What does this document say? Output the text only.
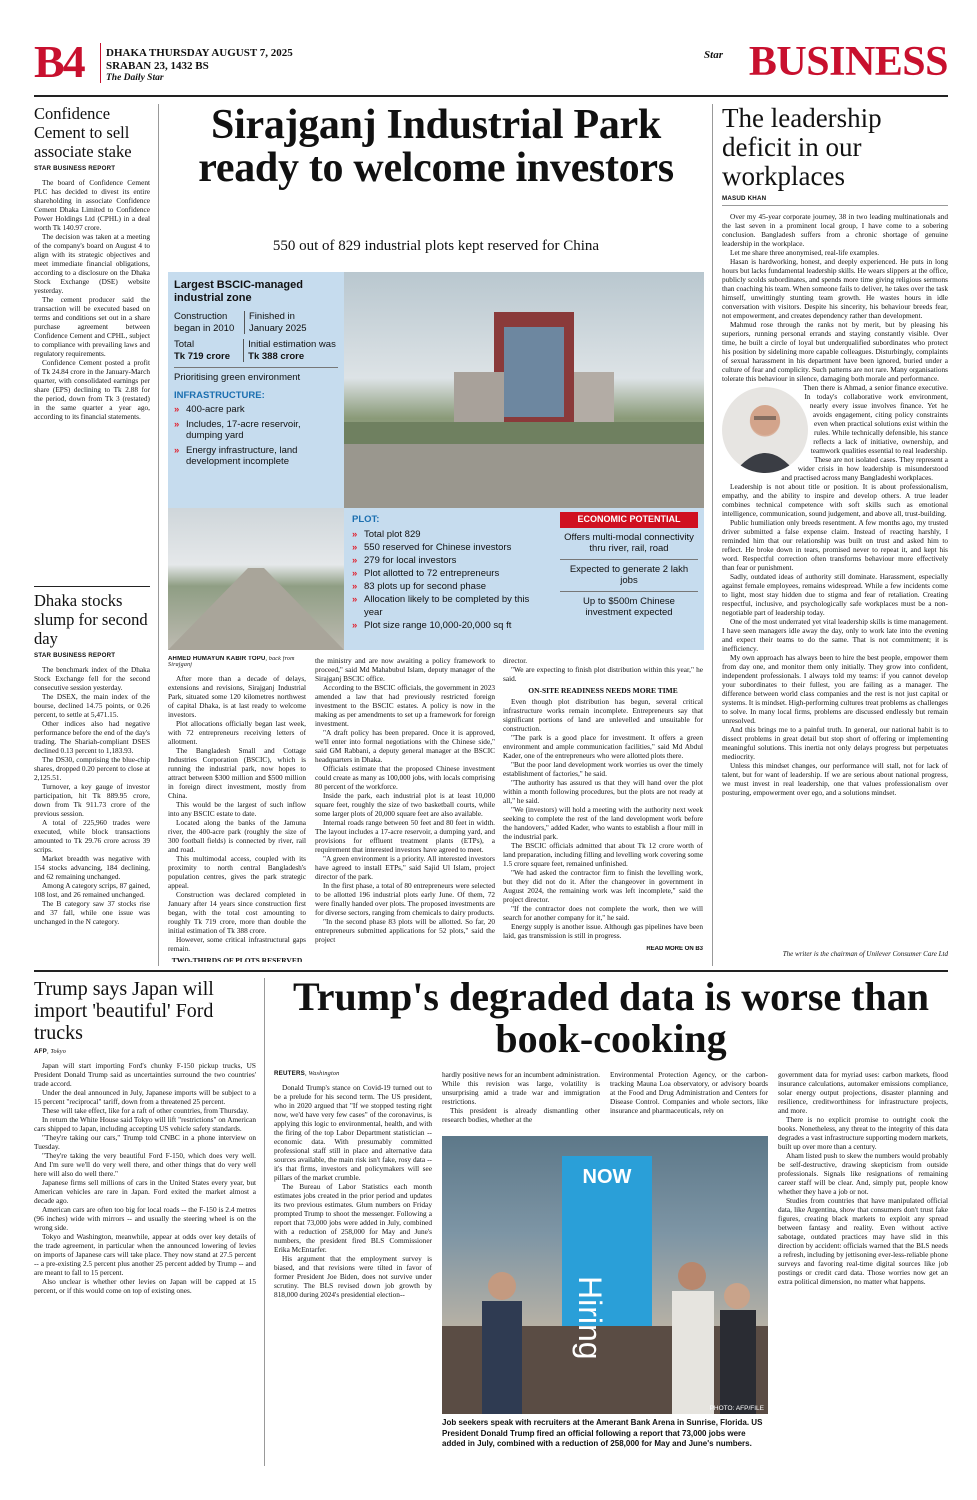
B4 DHAKA THURSDAY AUGUST 7, 2025
SRABAN 23, 1432 BS
The Daily Star
Star BUSINESS
Confidence Cement to sell associate stake
STAR BUSINESS REPORT

The board of Confidence Cement PLC has decided to divest its entire shareholding in associate Confidence Cement Dhaka Limited to Confidence Power Holdings Ltd (CPHL) in a deal worth Tk 140.97 crore.

The decision was taken at a meeting of the company's board on August 4 to align with its strategic objectives and meet immediate financial obligations, according to a disclosure on the Dhaka Stock Exchange (DSE) website yesterday.

The cement producer said the transaction will be executed based on terms and conditions set out in a share purchase agreement between Confidence Cement and CPHL, subject to compliance with prevailing laws and regulatory requirements.

Confidence Cement posted a profit of Tk 24.84 crore in the January-March quarter, with consolidated earnings per share (EPS) declining to Tk 2.88 for the period, down from Tk 3 (restated) in the same quarter a year ago, according to its financial statements.

Dhaka stocks slump for second day
STAR BUSINESS REPORT

The benchmark index of the Dhaka Stock Exchange fell for the second consecutive session yesterday.

The DSEX, the main index of the bourse, declined 14.75 points, or 0.26 percent, to settle at 5,471.15.

Other indices also had negative performance before the end of the day's trading. The Shariah-compliant DSES declined 0.13 percent to 1,183.93.

The DS30, comprising the blue-chip shares, dropped 0.20 percent to close at 2,125.51.

Turnover, a key gauge of investor participation, hit Tk 889.95 crore, down from Tk 911.73 crore of the previous session.

A total of 225,960 trades were executed, while block transactions amounted to Tk 29.76 crore across 39 scrips.

Market breadth was negative with 154 stocks advancing, 184 declining, and 62 remaining unchanged.

Among A category scrips, 87 gained, 108 lost, and 26 remained unchanged.

The B category saw 37 stocks rise and 37 fall, while one issue was unchanged in the N category.

Sirajganj Industrial Park ready to welcome investors
550 out of 829 industrial plots kept reserved for China
Largest BSCIC-managed industrial zone
Construction began in 2010
Finished in January 2025
Total
Tk 719 crore
Initial estimation was
Tk 388 crore
Prioritising green environment
INFRASTRUCTURE:
» 400-acre park
» Includes, 17-acre reservoir, dumping yard
» Energy infrastructure, land development incomplete
PLOT:
» Total plot 829
» 550 reserved for Chinese investors
» 279 for local investors
» Plot allotted to 72 entrepreneurs
» 83 plots up for second phase
» Allocation likely to be completed by this year
» Plot size range 10,000-20,000 sq ft
ECONOMIC POTENTIAL
Offers multi-modal connectivity thru river, rail, road
Expected to generate 2 lakh jobs
Up to $500m Chinese investment expected
AHMED HUMAYUN KABIR TOPU, back from Sirajganj

After more than a decade of delays, extensions and revisions, Sirajganj Industrial Park, situated some 120 kilometres northwest of capital Dhaka, is at last ready to welcome investors.

Plot allocations officially began last week, with 72 entrepreneurs receiving letters of allotment.

The Bangladesh Small and Cottage Industries Corporation (BSCIC), which is running the industrial park, now hopes to attract between $300 million and $500 million in foreign direct investment, mostly from China.

This would be the largest of such inflow into any BSCIC estate to date.

Located along the banks of the Jamuna river, the 400-acre park (roughly the size of 300 football fields) is connected by river, rail and road.

This multimodal access, coupled with its proximity to north central Bangladesh's population centres, gives the park strategic appeal.

Construction was declared completed in January after 14 years since construction first began, with the total cost amounting to roughly Tk 719 crore, more than double the initial estimation of Tk 388 crore.

However, some critical infrastructural gaps remain.

TWO-THIRDS OF PLOTS RESERVED

the ministry and are now awaiting a policy framework to proceed," said Md Mahabubul Islam, deputy manager of the Sirajganj BSCIC office.

According to the BSCIC officials, the government in 2023 amended a law that had previously restricted foreign investment to the BSCIC estates. A policy is now in the making as per amendments to set up a framework for foreign investment.

"A draft policy has been prepared. Once it is approved, we'll enter into formal negotiations with the Chinese side," said GM Rabbani, a deputy general manager at the BSCIC headquarters in Dhaka.

Officials estimate that the proposed Chinese investment could create as many as 100,000 jobs, with locals comprising 80 percent of the workforce.

Inside the park, each industrial plot is at least 10,000 square feet, roughly the size of two basketball courts, while some larger plots of 20,000 square feet are also available.

Internal roads range between 50 feet and 80 feet in width. The layout includes a 17-acre reservoir, a dumping yard, and provisions for effluent treatment plants (ETPs), a requirement that interested investors have agreed to meet.

"A green environment is a priority. All interested investors have agreed to install ETPs," said Sajid Ul Islam, project director of the park.

In the first phase, a total of 80 entrepreneurs were selected to be allotted 196 industrial plots early June. Of them, 72 were finally handed over plots. The proposed investments are for diverse sectors, ranging from chemicals to dairy products.

"In the second phase 83 plots will be allotted. So far, 20 entrepreneurs submitted applications for 52 plots," said the project

director.

"We are expecting to finish plot distribution within this year," he said.

ON-SITE READINESS NEEDS MORE TIME

Even though plot distribution has begun, several critical infrastructure works remain incomplete. Entrepreneurs say that significant portions of land are unlevelled and unsuitable for construction.

"The park is a good place for investment. It offers a green environment and ample communication facilities," said Md Abdul Kader, one of the entrepreneurs who were allotted plots there.

"But the poor land development work worries us over the timely establishment of factories," he said.

"The authority has assured us that they will hand over the plot within a month following procedures, but the plots are not ready at all," he said.

"We (investors) will hold a meeting with the authority next week seeking to complete the rest of the land development work before the handovers," added Kader, who wants to establish a flour mill in the industrial park.

The BSCIC officials admitted that about Tk 12 crore worth of land preparation, including filling and levelling work covering some 1.5 crore square feet, remained unfinished.

"We had asked the contractor firm to finish the levelling work, but they did not do it. After the changeover in government in August 2024, the remaining work was left incomplete," said the project director.

"If the contractor does not complete the work, then we will search for another company for it," he said.

Energy supply is another issue. Although gas pipelines have been laid, gas transmission is still in progress.

READ MORE ON B3
The leadership deficit in our workplaces
MASUD KHAN

Over my 45-year corporate journey, 38 in two leading multinationals and the last seven in a prominent local group, I have come to a sobering conclusion. Bangladesh suffers from a chronic shortage of genuine leadership in the workplace.

Let me share three anonymised, real-life examples.

Hasan is hardworking, honest, and deeply experienced. He puts in long hours but lacks fundamental leadership skills. He wears slippers at the office, publicly scolds subordinates, and spends more time giving religious sermons than coaching his team. When someone fails to deliver, he takes over the task himself, unwittingly stunting team growth. He wastes hours in idle conversation with visitors. Despite his sincerity, his behaviour breeds fear, not empowerment, and creates dependency rather than development.

Mahmud rose through the ranks not by merit, but by pleasing his superiors, running personal errands and staying constantly visible. Over time, he built a circle of loyal but underqualified subordinates who protect his position by sidelining more capable colleagues. Disturbingly, complaints of sexual harassment in his department have been ignored, buried under a culture of fear and complicity. Such patterns are not rare. Many organisations tolerate this behaviour in silence, damaging both morale and performance.

Then there is Ahmad, a senior finance executive. In today's collaborative work environment, nearly every issue involves finance. Yet he avoids engagement, citing policy constraints even when practical solutions exist within the rules. While technically defensible, his stance reflects a lack of initiative, ownership, and teamwork qualities essential to real leadership.

These are not isolated cases. They represent a wider crisis in how leadership is misunderstood and practised across many Bangladeshi workplaces.

Leadership is not about title or position. It is about professionalism, empathy, and the ability to inspire and develop others. A true leader combines technical competence with soft skills such as emotional intelligence, communication, sound judgement, and above all, trust-building.

Public humiliation only breeds resentment. A few months ago, my trusted driver submitted a false expense claim. Instead of reacting harshly, I reminded him that our relationship was built on trust and asked him to reflect. He broke down in tears, promised never to repeat it, and kept his word. Respectful correction often transforms behaviour more effectively than fear or punishment.

Sadly, outdated ideas of authority still dominate. Harassment, especially against female employees, remains widespread. While a few incidents come to light, most stay hidden due to stigma and fear of retaliation. Creating respectful, inclusive, and psychologically safe workplaces must be a non-negotiable part of leadership today.

One of the most underrated yet vital leadership skills is time management. I have seen managers idle away the day, only to work late into the evening and expect their teams to do the same. That is not commitment; it is inefficiency.

My own approach has always been to hire the best people, empower them from day one, and monitor them only initially. They grow into confident, independent professionals. I always told my teams: if you cannot develop your subordinates to their fullest, you are failing as a manager. The difference between world class companies and the rest is not just capital or systems. It is mindset. High-performing cultures treat problems as challenges to solve. In many local firms, problems are discussed endlessly but remain unresolved.

And this brings me to a painful truth. In general, our national habit is to dissect problems in great detail but stop short of offering or implementing meaningful solutions. This inertia not only delays progress but perpetuates mediocrity.

Unless this mindset changes, our performance will stall, not for lack of talent, but for want of leadership. If we are serious about national progress, we must invest in real leadership, one that values professionalism over posturing, empowerment over ego, and a solutions mindset.

The writer is the chairman of Unilever Consumer Care Ltd
Trump says Japan will import 'beautiful' Ford trucks
AFP, Tokyo

Japan will start importing Ford's chunky F-150 pickup trucks, US President Donald Trump said as uncertainties surround the two countries' trade accord.

Under the deal announced in July, Japanese imports will be subject to a 15 percent "reciprocal" tariff, down from a threatened 25 percent.

These will take effect, like for a raft of other countries, from Thursday.

In return the White House said Tokyo will lift "restrictions" on American cars shipped to Japan, including accepting US vehicle safety standards.

"They're taking our cars," Trump told CNBC in a phone interview on Tuesday.

"They're taking the very beautiful Ford F-150, which does very well. And I'm sure we'll do very well there, and other things that do very well here will also do well there."

Japanese firms sell millions of cars in the United States every year, but American vehicles are rare in Japan. Ford exited the market almost a decade ago.

American cars are often too big for local roads -- the F-150 is 2.4 metres (96 inches) wide with mirrors -- and usually the steering wheel is on the wrong side.

Tokyo and Washington, meanwhile, appear at odds over key details of the trade agreement, in particular when the announced lowering of levies on imports of Japanese cars will take place. They now stand at 27.5 percent -- a pre-existing 2.5 percent plus another 25 percent added by Trump -- and are meant to fall to 15 percent.

Also unclear is whether other levies on Japan will be capped at 15 percent, or if this would come on top of existing ones.

Trump's degraded data is worse than book-cooking
REUTERS, Washington

Donald Trump's stance on Covid-19 turned out to be a prelude for his second term. The US president, who in 2020 argued that "If we stopped testing right now, we'd have very few cases" of the coronavirus, is applying this logic to environmental, health, and with the firing of the top Labor Department statistician -- economic data. With presumably committed professional staff still in place and alternative data sources available, the main risk isn't fake, rosy data -- it's that firms, investors and policymakers will see pillars of the market crumble.

The Bureau of Labor Statistics each month estimates jobs created in the prior period and updates its two previous estimates. Glum numbers on Friday prompted Trump to shoot the messenger. Following a report that 73,000 jobs were added in July, combined with a reduction of 258,000 for May and June's numbers, the president fired BLS Commissioner Erika McEntarfer.

His argument that the employment survey is biased, and that revisions were tilted in favor of former President Joe Biden, does not survive under scrutiny. The BLS revised down job growth by 818,000 during 2024's presidential election--

hardly positive news for an incumbent administration. While this revision was large, volatility is unsurprising amid a trade war and immigration restrictions.

This president is already dismantling other research bodies, whether at the

Environmental Protection Agency, or the carbon-tracking Mauna Loa observatory, or advisory boards at the Food and Drug Administration and Centers for Disease Control. Companies and whole sectors, like insurance and pharmaceuticals, rely on

government data for myriad uses: carbon markets, flood insurance calculations, automaker emissions compliance, solar energy output projections, disaster planning and resilience, creditworthiness for infrastructure projects, and more.

There is no explicit promise to outright cook the books. Nonetheless, any threat to the integrity of this data degrades a vast infrastructure supporting modern markets, built up over more than a century.

Aham listed push to skew the numbers would probably be self-destructive, drawing skepticism from outside professionals. Signals like resignations of remaining career staff will be clear. And, simply put, people know whether they have a job or not.

Studies from countries that have manipulated official data, like Argentina, show that consumers don't trust fake figures, creating black markets to exploit any spread between fantasy and reality. Even without active sabotage, outdated practices may have slid in this direction by accident: officials warned that the BLS needs a refresh, including by jettisoning ever-less-reliable phone surveys and favoring real-time digital sources like job postings or credit card data. Those worries now get an extra political dimension, no matter what happens.

NOW
Hiring
PHOTO: AFP/FILE
Job seekers speak with recruiters at the Amerant Bank Arena in Sunrise, Florida. US President Donald Trump fired an official following a report that 73,000 jobs were added in July, combined with a reduction of 258,000 for May and June's numbers.
